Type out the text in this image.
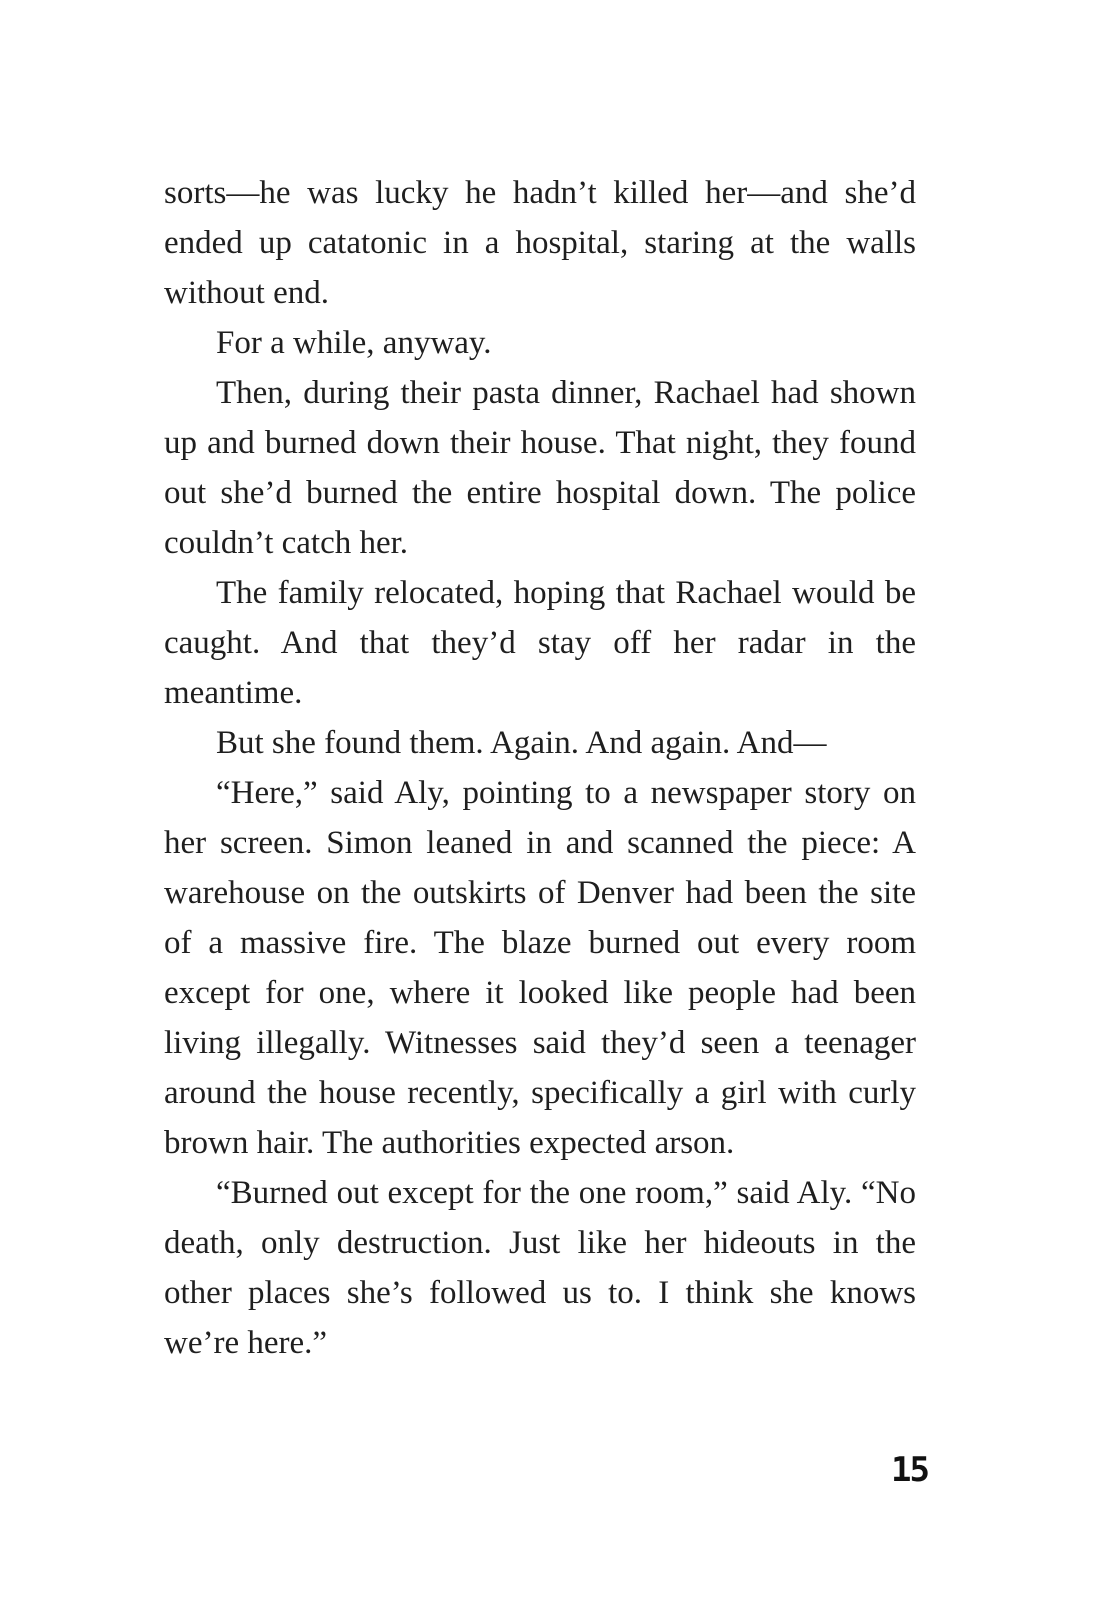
sorts—he was lucky he hadn’t killed her—and she’d ended up catatonic in a hospital, staring at the walls without end.

For a while, anyway.

Then, during their pasta dinner, Rachael had shown up and burned down their house. That night, they found out she’d burned the entire hospital down. The police couldn’t catch her.

The family relocated, hoping that Rachael would be caught. And that they’d stay off her radar in the meantime.

But she found them. Again. And again. And—

“Here,” said Aly, pointing to a newspaper story on her screen. Simon leaned in and scanned the piece: A warehouse on the outskirts of Denver had been the site of a massive fire. The blaze burned out every room except for one, where it looked like people had been living illegally. Witnesses said they’d seen a teenager around the house recently, specifically a girl with curly brown hair. The authorities expected arson.

“Burned out except for the one room,” said Aly. “No death, only destruction. Just like her hideouts in the other places she’s followed us to. I think she knows we’re here.”

15
